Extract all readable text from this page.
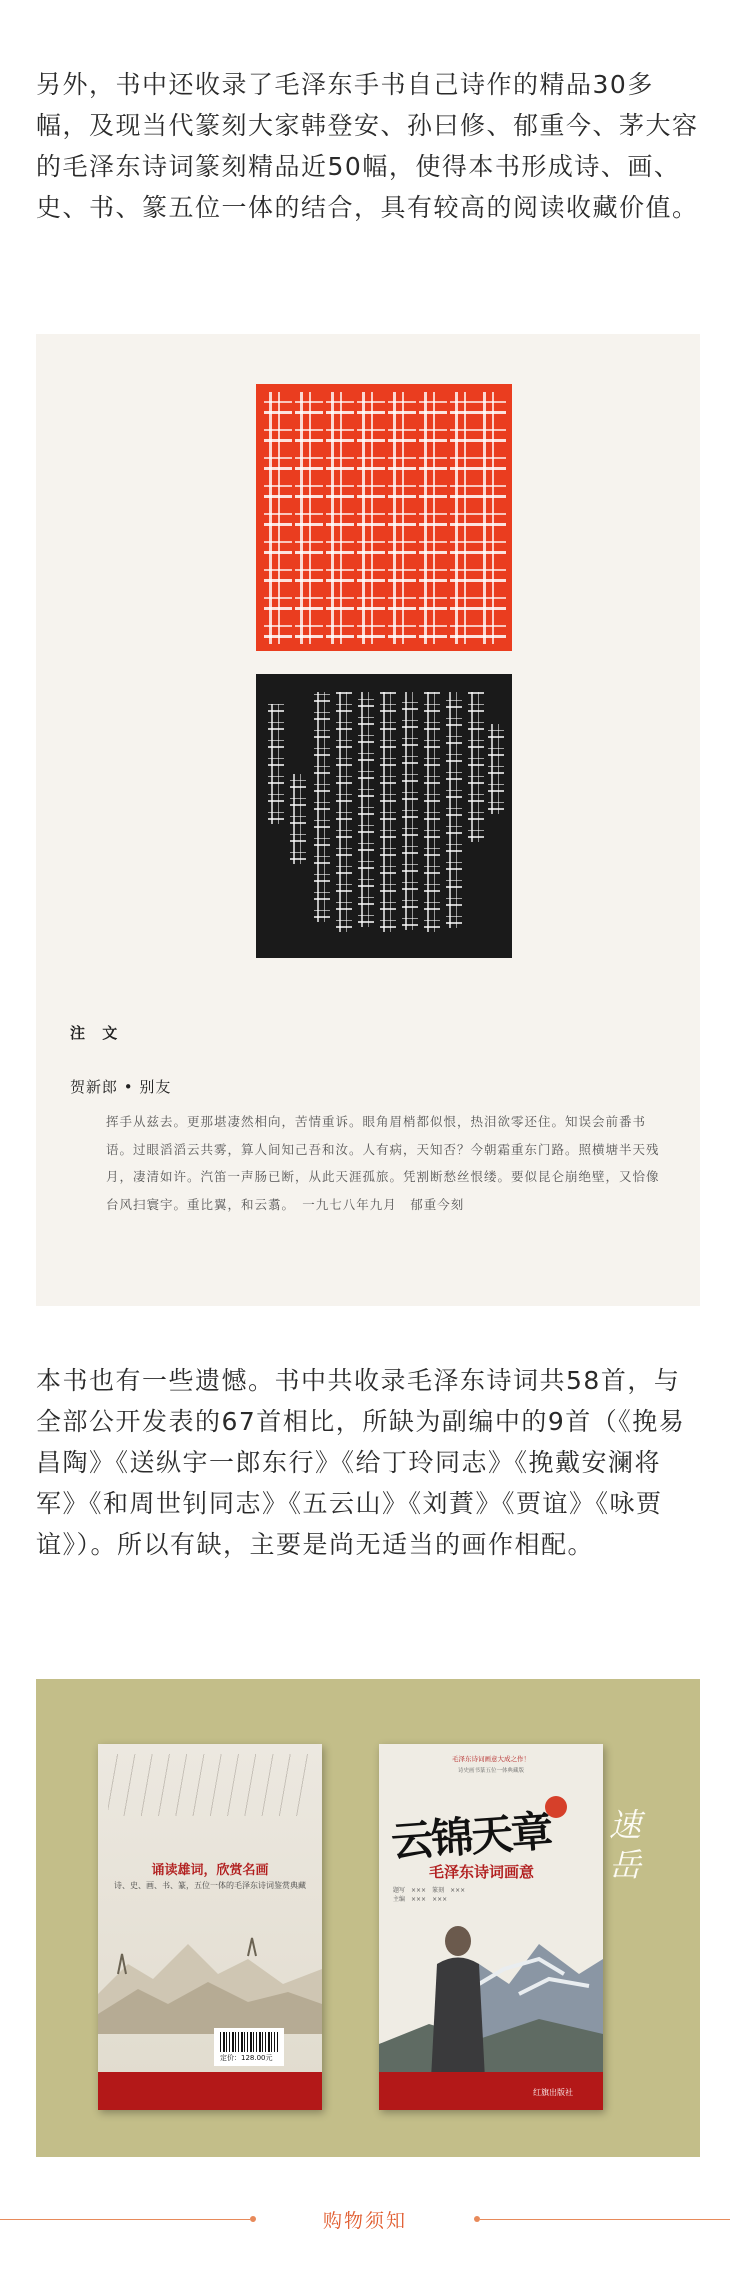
另外，书中还收录了毛泽东手书自己诗作的精品30多幅，及现当代篆刻大家韩登安、孙曰修、郁重今、茅大容的毛泽东诗词篆刻精品近50幅，使得本书形成诗、画、史、书、篆五位一体的结合，具有较高的阅读收藏价值。

注 文
贺新郎 • 别友

挥手从兹去。更那堪凄然相向，苦情重诉。眼角眉梢都似恨，热泪欲零还住。知误会前番书语。过眼滔滔云共雾，算人间知己吾和汝。人有病，天知否？今朝霜重东门路。照横塘半天残月，凄清如许。汽笛一声肠已断，从此天涯孤旅。凭割断愁丝恨缕。要似昆仑崩绝壁，又恰像台风扫寰宇。重比翼，和云翥。　一九七八年九月　郁重今刻

本书也有一些遗憾。书中共收录毛泽东诗词共58首，与全部公开发表的67首相比，所缺为副编中的9首（《挽易昌陶》《送纵宇一郎东行》《给丁玲同志》《挽戴安澜将军》《和周世钊同志》《五云山》《刘蕡》《贾谊》《咏贾谊》）。所以有缺，主要是尚无适当的画作相配。

诵读雄词，欣赏名画
诗、史、画、书、篆，五位一体的毛泽东诗词鉴赏典藏
定价：128.00元
毛泽东诗词画意大成之作！
诗史画书篆五位一体典藏版
云锦天章
毛泽东诗词画意
题写　×××　篆刻　×××
主编　×××　×××
红旗出版社
速岳
购物须知
